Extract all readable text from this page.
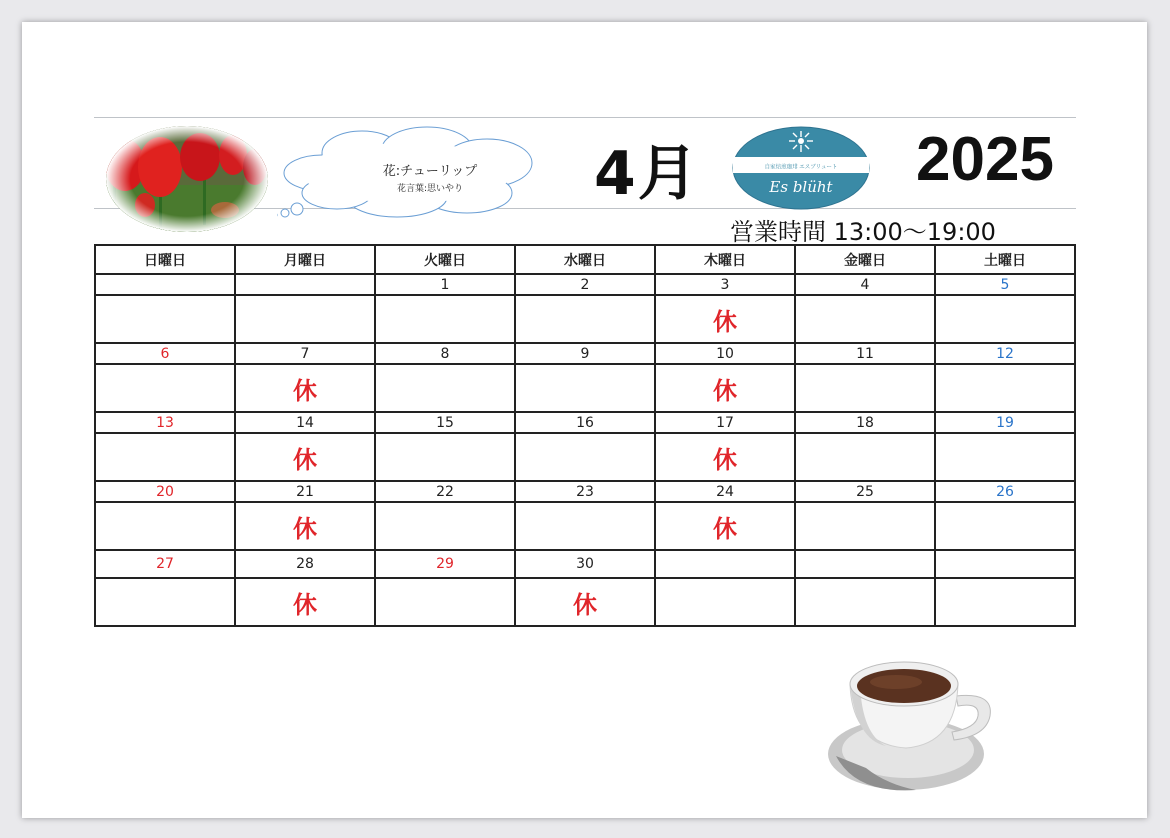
花:チューリップ
花言葉:思いやり	4月	自家焙煎珈琲 エスブリュート
Es blüht 2025
営業時間 13:00～19:00
日曜日	月曜日	火曜日	水曜日	木曜日	金曜日	土曜日
		1	2	3	4	5
				休		
6	7	8	9	10	11	12
	休			休		
13	14	15	16	17	18	19
	休			休		
20	21	22	23	24	25	26
	休			休		
27	28	29	30			
	休		休			
